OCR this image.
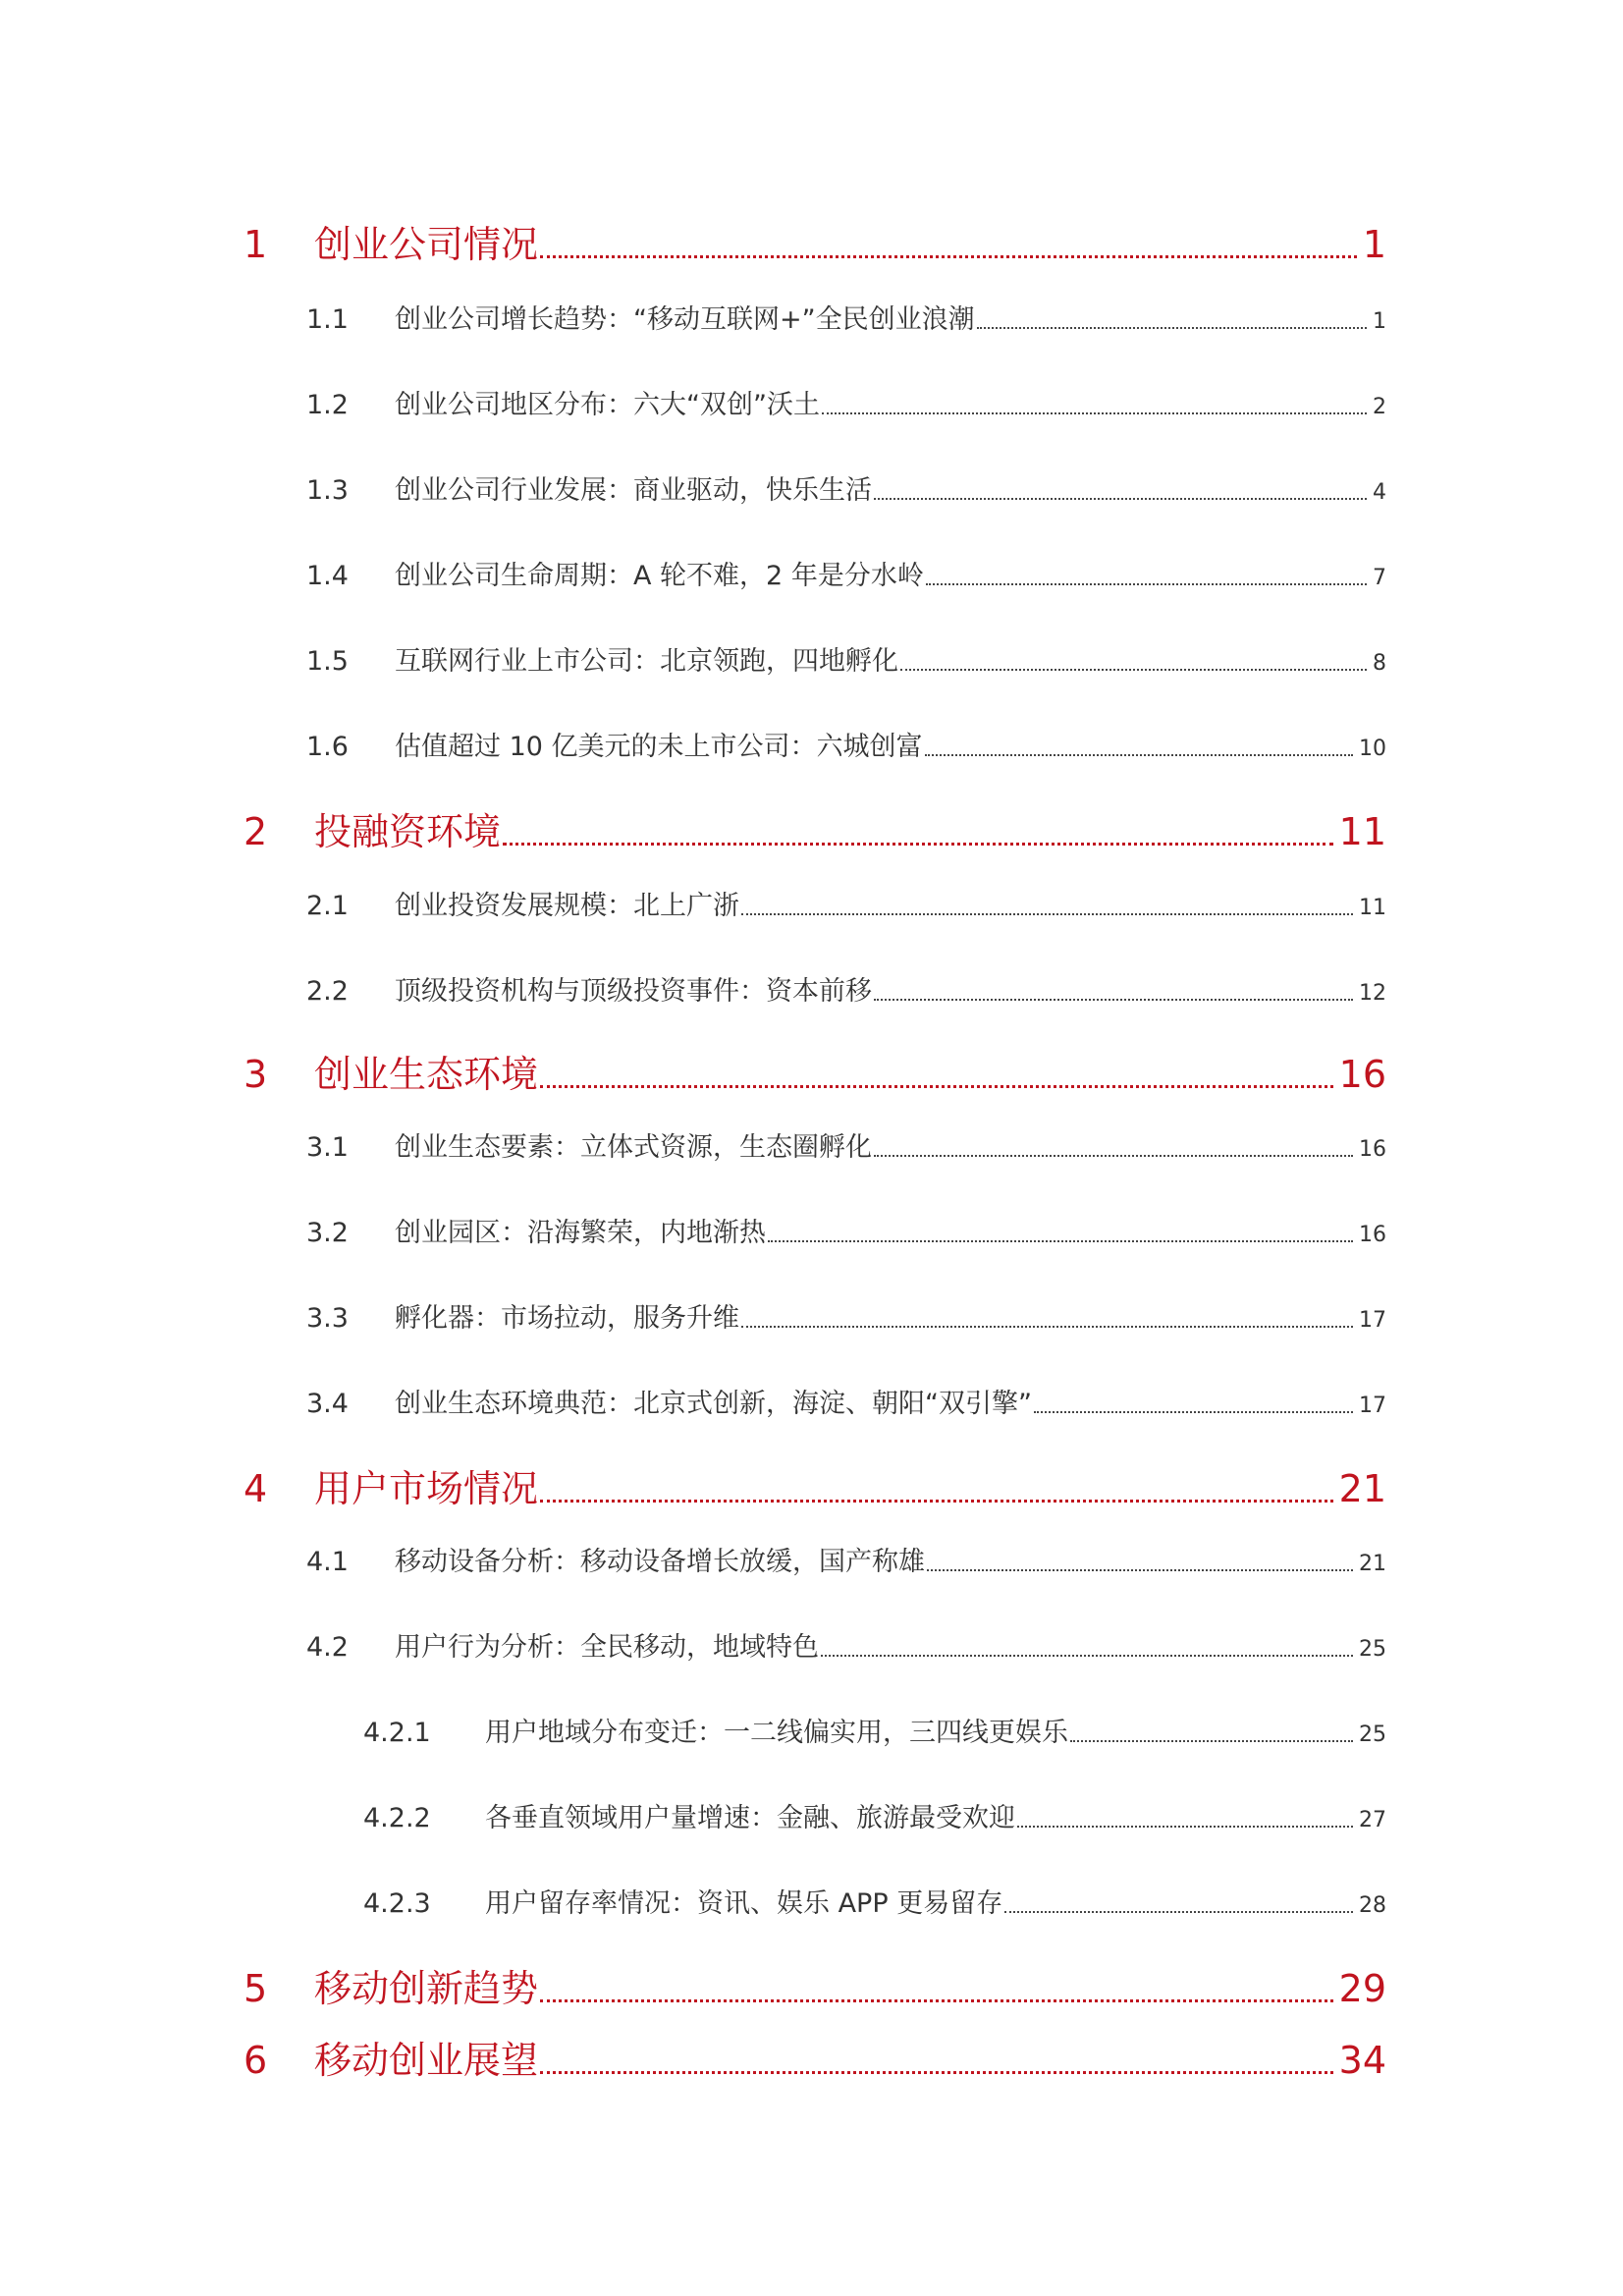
1	创业公司情况	1
1.1	创业公司增长趋势：“移动互联网+”全民创业浪潮	1
1.2	创业公司地区分布：六大“双创”沃土	2
1.3	创业公司行业发展：商业驱动，快乐生活	4
1.4	创业公司生命周期：A 轮不难，2 年是分水岭	7
1.5	互联网行业上市公司：北京领跑，四地孵化	8
1.6	估值超过 10 亿美元的未上市公司：六城创富	10
2	投融资环境	11
2.1	创业投资发展规模：北上广浙	11
2.2	顶级投资机构与顶级投资事件：资本前移	12
3	创业生态环境	16
3.1	创业生态要素：立体式资源，生态圈孵化	16
3.2	创业园区：沿海繁荣，内地渐热	16
3.3	孵化器：市场拉动，服务升维	17
3.4	创业生态环境典范：北京式创新，海淀、朝阳“双引擎”	17
4	用户市场情况	21
4.1	移动设备分析：移动设备增长放缓，国产称雄	21
4.2	用户行为分析：全民移动，地域特色	25
4.2.1	用户地域分布变迁：一二线偏实用，三四线更娱乐	25
4.2.2	各垂直领域用户量增速：金融、旅游最受欢迎	27
4.2.3	用户留存率情况：资讯、娱乐 APP 更易留存	28
5	移动创新趋势	29
6	移动创业展望	34
